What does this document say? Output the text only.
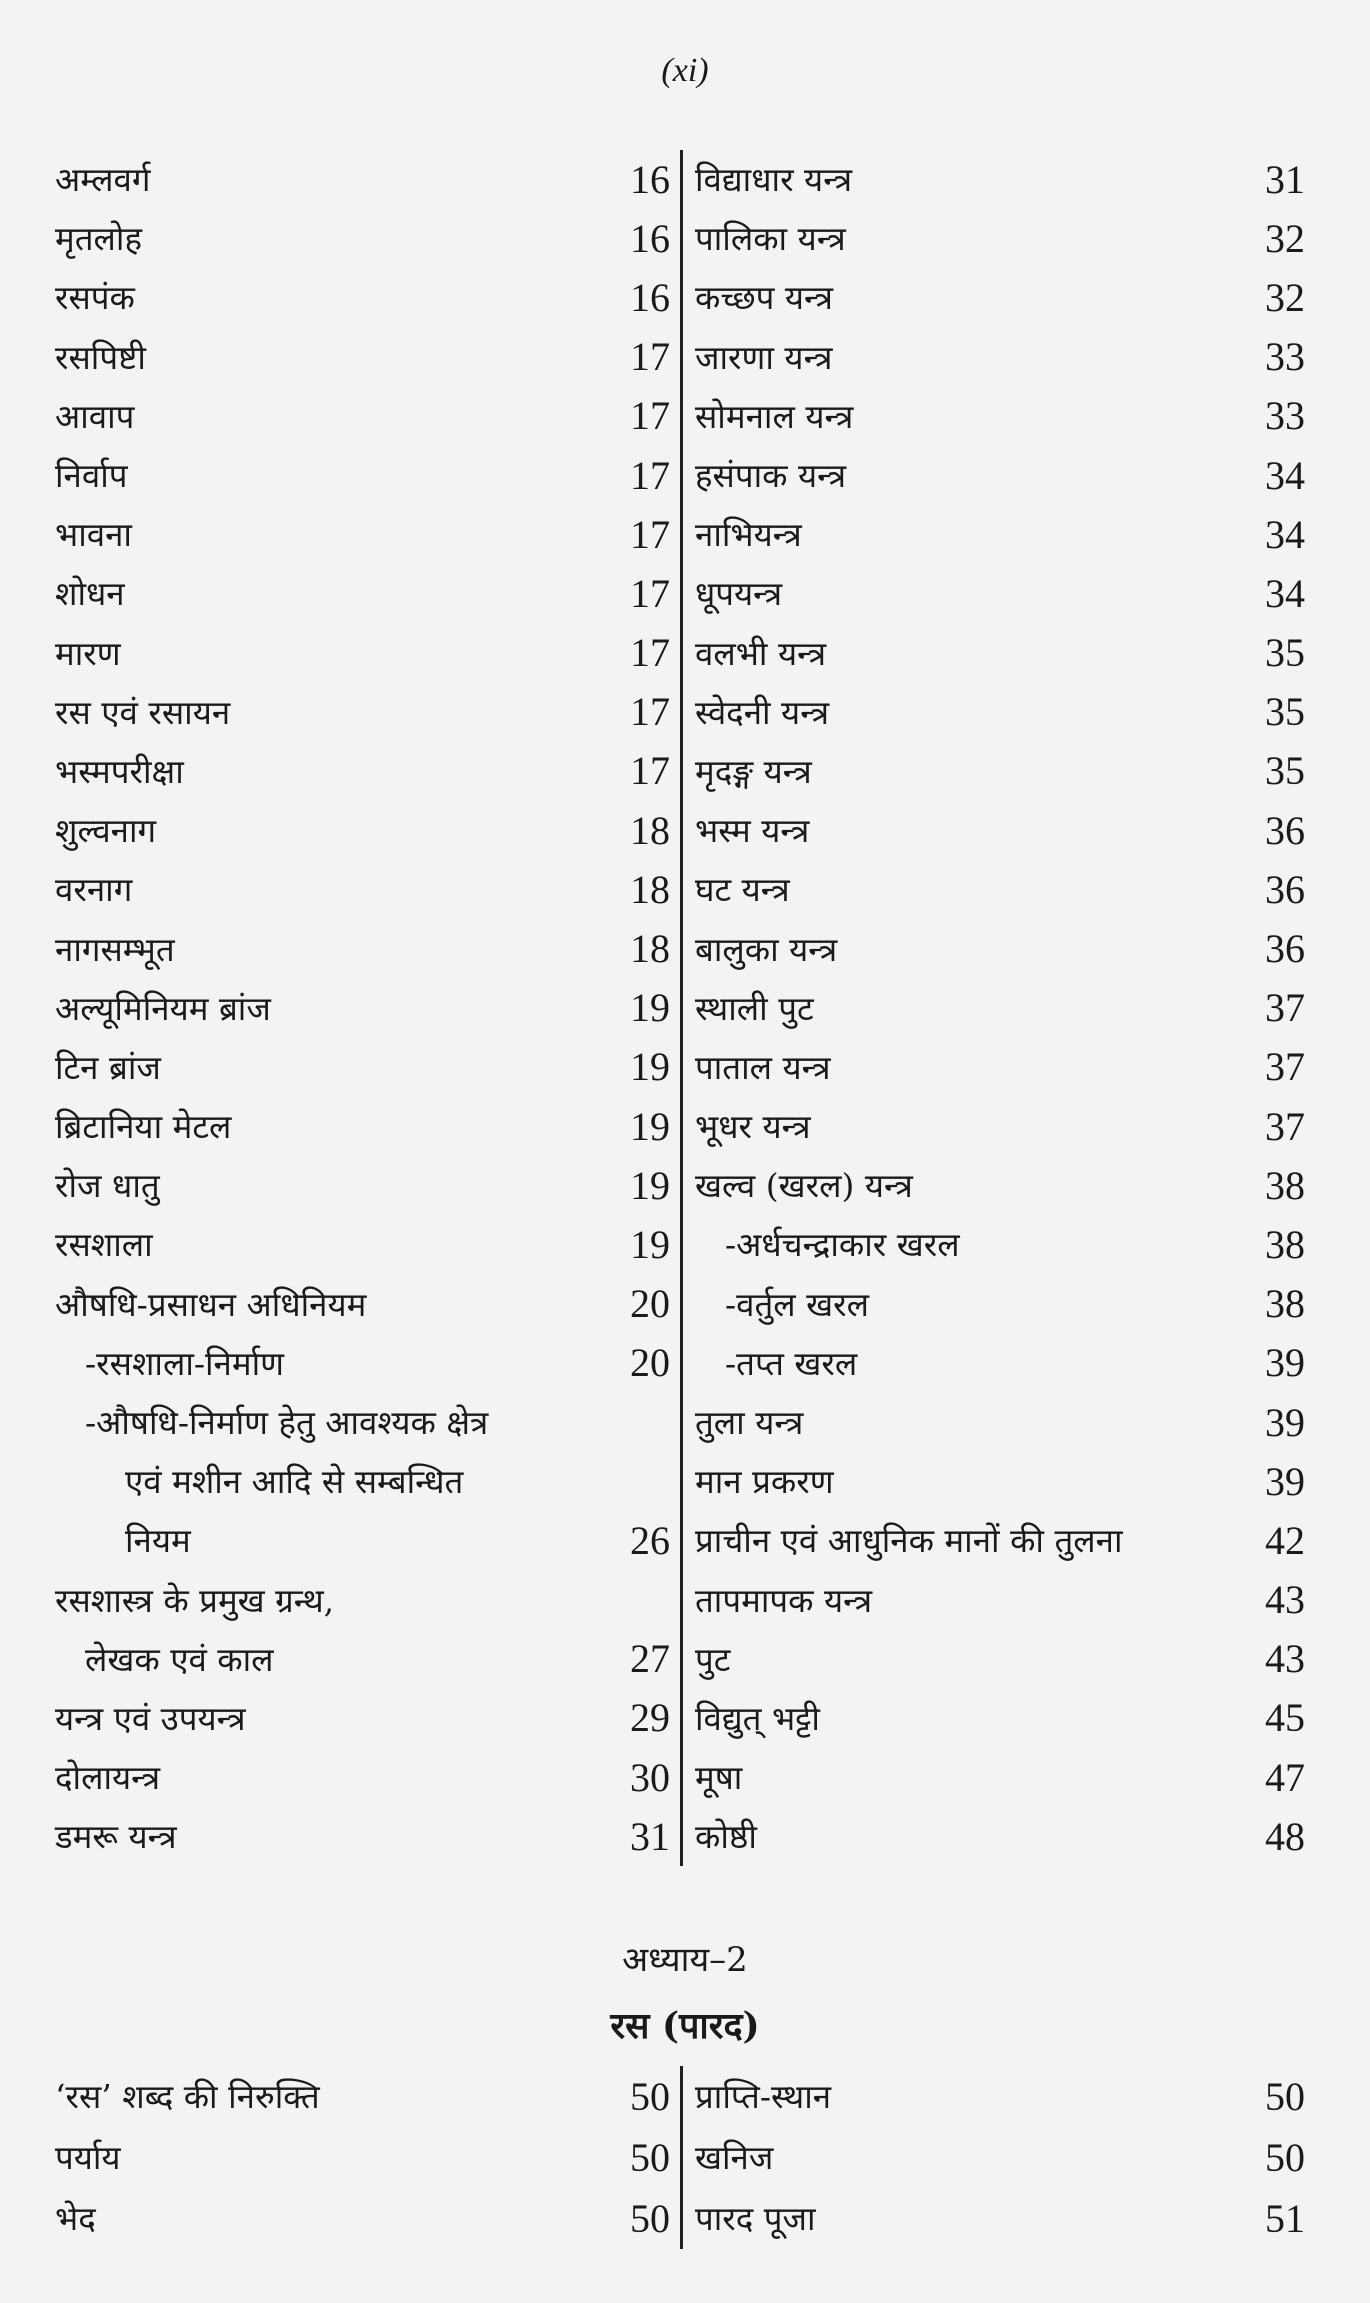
(xi)
अम्लवर्ग	16
मृतलोह	16
रसपंक	16
रसपिष्टी	17
आवाप	17
निर्वाप	17
भावना	17
शोधन	17
मारण	17
रस एवं रसायन	17
भस्मपरीक्षा	17
शुल्वनाग	18
वरनाग	18
नागसम्भूत	18
अल्यूमिनियम ब्रांज	19
टिन ब्रांज	19
ब्रिटानिया मेटल	19
रोज धातु	19
रसशाला	19
औषधि-प्रसाधन अधिनियम	20
-रसशाला-निर्माण	20
-औषधि-निर्माण हेतु आवश्यक क्षेत्र
एवं मशीन आदि से सम्बन्धित
नियम	26
रसशास्त्र के प्रमुख ग्रन्थ,
लेखक एवं काल	27
यन्त्र एवं उपयन्त्र	29
दोलायन्त्र	30
डमरू यन्त्र	31
विद्याधार यन्त्र	31
पालिका यन्त्र	32
कच्छप यन्त्र	32
जारणा यन्त्र	33
सोमनाल यन्त्र	33
हसंपाक यन्त्र	34
नाभियन्त्र	34
धूपयन्त्र	34
वलभी यन्त्र	35
स्वेदनी यन्त्र	35
मृदङ्ग यन्त्र	35
भस्म यन्त्र	36
घट यन्त्र	36
बालुका यन्त्र	36
स्थाली पुट	37
पाताल यन्त्र	37
भूधर यन्त्र	37
खल्व (खरल) यन्त्र	38
-अर्धचन्द्राकार खरल	38
-वर्तुल खरल	38
-तप्त खरल	39
तुला यन्त्र	39
मान प्रकरण	39
प्राचीन एवं आधुनिक मानों की तुलना	42
तापमापक यन्त्र	43
पुट	43
विद्युत् भट्टी	45
मूषा	47
कोष्ठी	48
अध्याय–2
रस (पारद)
‘रस’ शब्द की निरुक्ति	50
पर्याय	50
भेद	50
प्राप्ति-स्थान	50
खनिज	50
पारद पूजा	51
